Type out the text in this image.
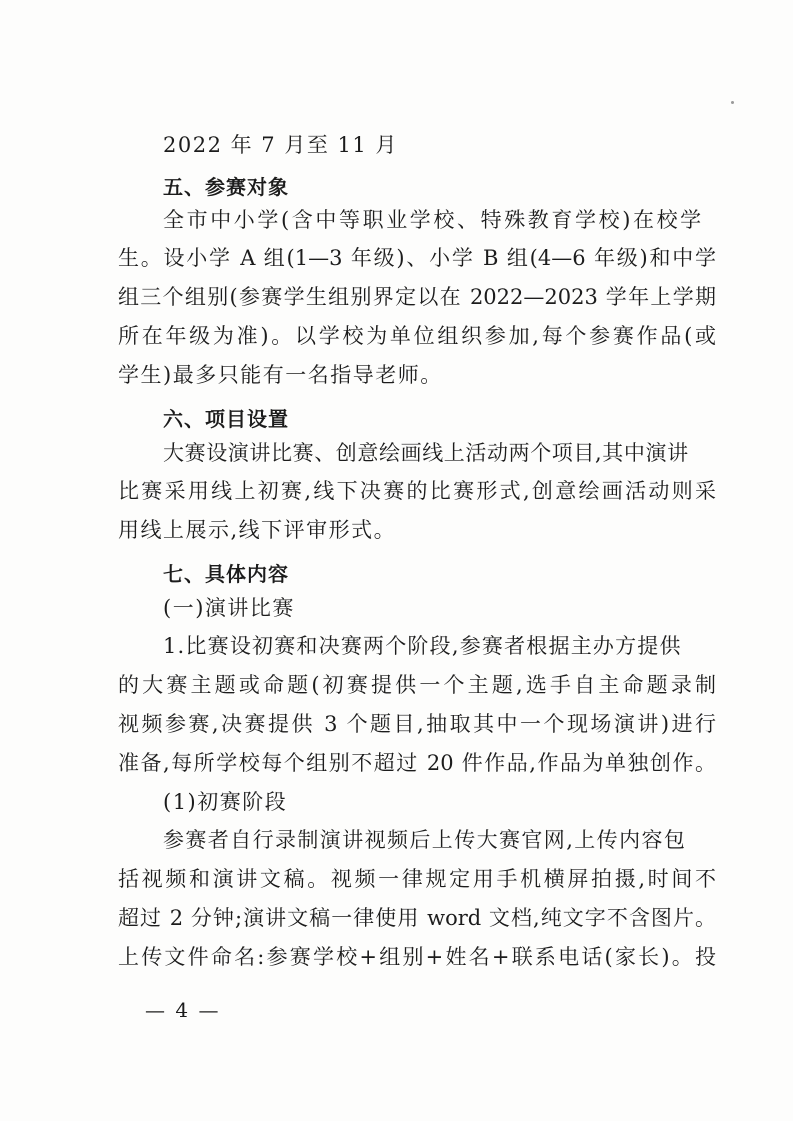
2022 年 7 月至 11 月
五、参赛对象
全市中小学(含中等职业学校、特殊教育学校)在校学
生。设小学 A 组(1—3 年级)、小学 B 组(4—6 年级)和中学
组三个组别(参赛学生组别界定以在 2022—2023 学年上学期
所在年级为准)。以学校为单位组织参加,每个参赛作品(或
学生)最多只能有一名指导老师。
六、项目设置
大赛设演讲比赛、创意绘画线上活动两个项目,其中演讲
比赛采用线上初赛,线下决赛的比赛形式,创意绘画活动则采
用线上展示,线下评审形式。
七、具体内容
(一)演讲比赛
1.比赛设初赛和决赛两个阶段,参赛者根据主办方提供
的大赛主题或命题(初赛提供一个主题,选手自主命题录制
视频参赛,决赛提供 3 个题目,抽取其中一个现场演讲)进行
准备,每所学校每个组别不超过 20 件作品,作品为单独创作。
(1)初赛阶段
参赛者自行录制演讲视频后上传大赛官网,上传内容包
括视频和演讲文稿。视频一律规定用手机横屏拍摄,时间不
超过 2 分钟;演讲文稿一律使用 word 文档,纯文字不含图片。
上传文件命名:参赛学校+组别+姓名+联系电话(家长)。投
— 4 —
